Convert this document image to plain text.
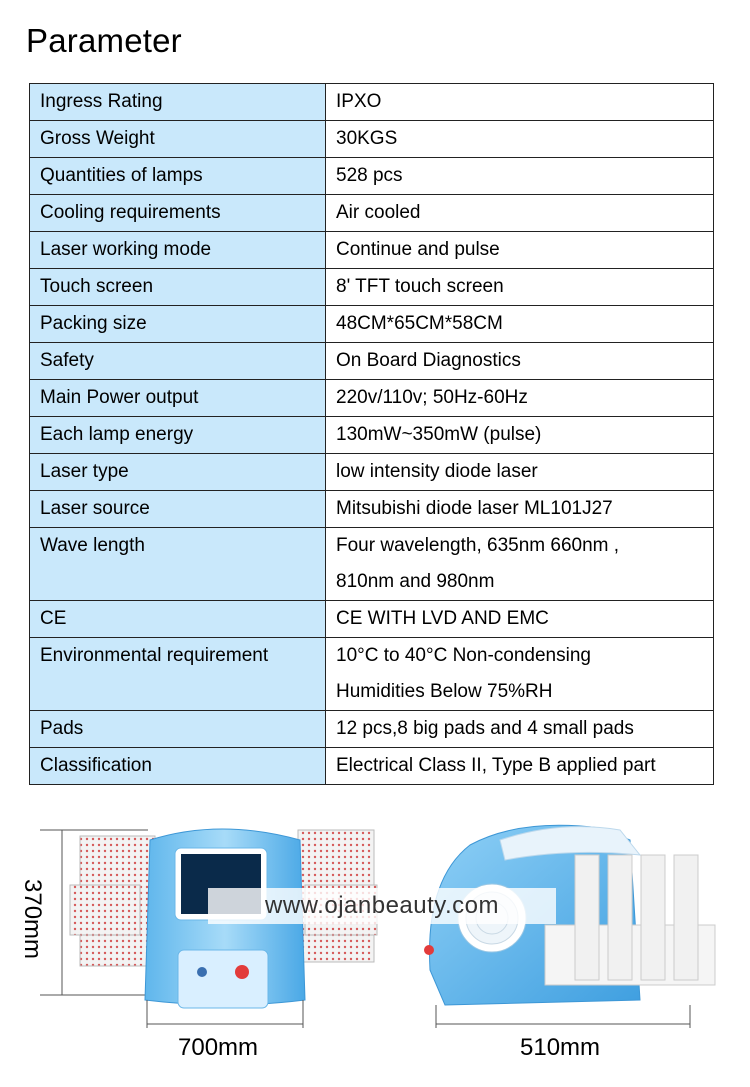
Parameter
Ingress Rating	IPXO
Gross Weight	30KGS
Quantities of lamps	528 pcs
Cooling requirements	Air cooled
Laser working mode	Continue and pulse
Touch screen	8' TFT touch screen
Packing size	48CM*65CM*58CM
Safety	On Board Diagnostics
Main Power output	220v/110v; 50Hz-60Hz
Each lamp energy	130mW~350mW (pulse)
Laser type	low intensity diode laser
Laser source	Mitsubishi diode laser ML101J27
Wave length	Four wavelength, 635nm 660nm ,
810nm and 980nm

CE	CE WITH LVD AND EMC
Environmental requirement	10°C to 40°C Non-condensing
Humidities Below 75%RH

Pads	12 pcs,8 big pads and 4 small pads
Classification	Electrical Class II, Type B applied part
370mm
700mm	510mm
www.ojanbeauty.com
